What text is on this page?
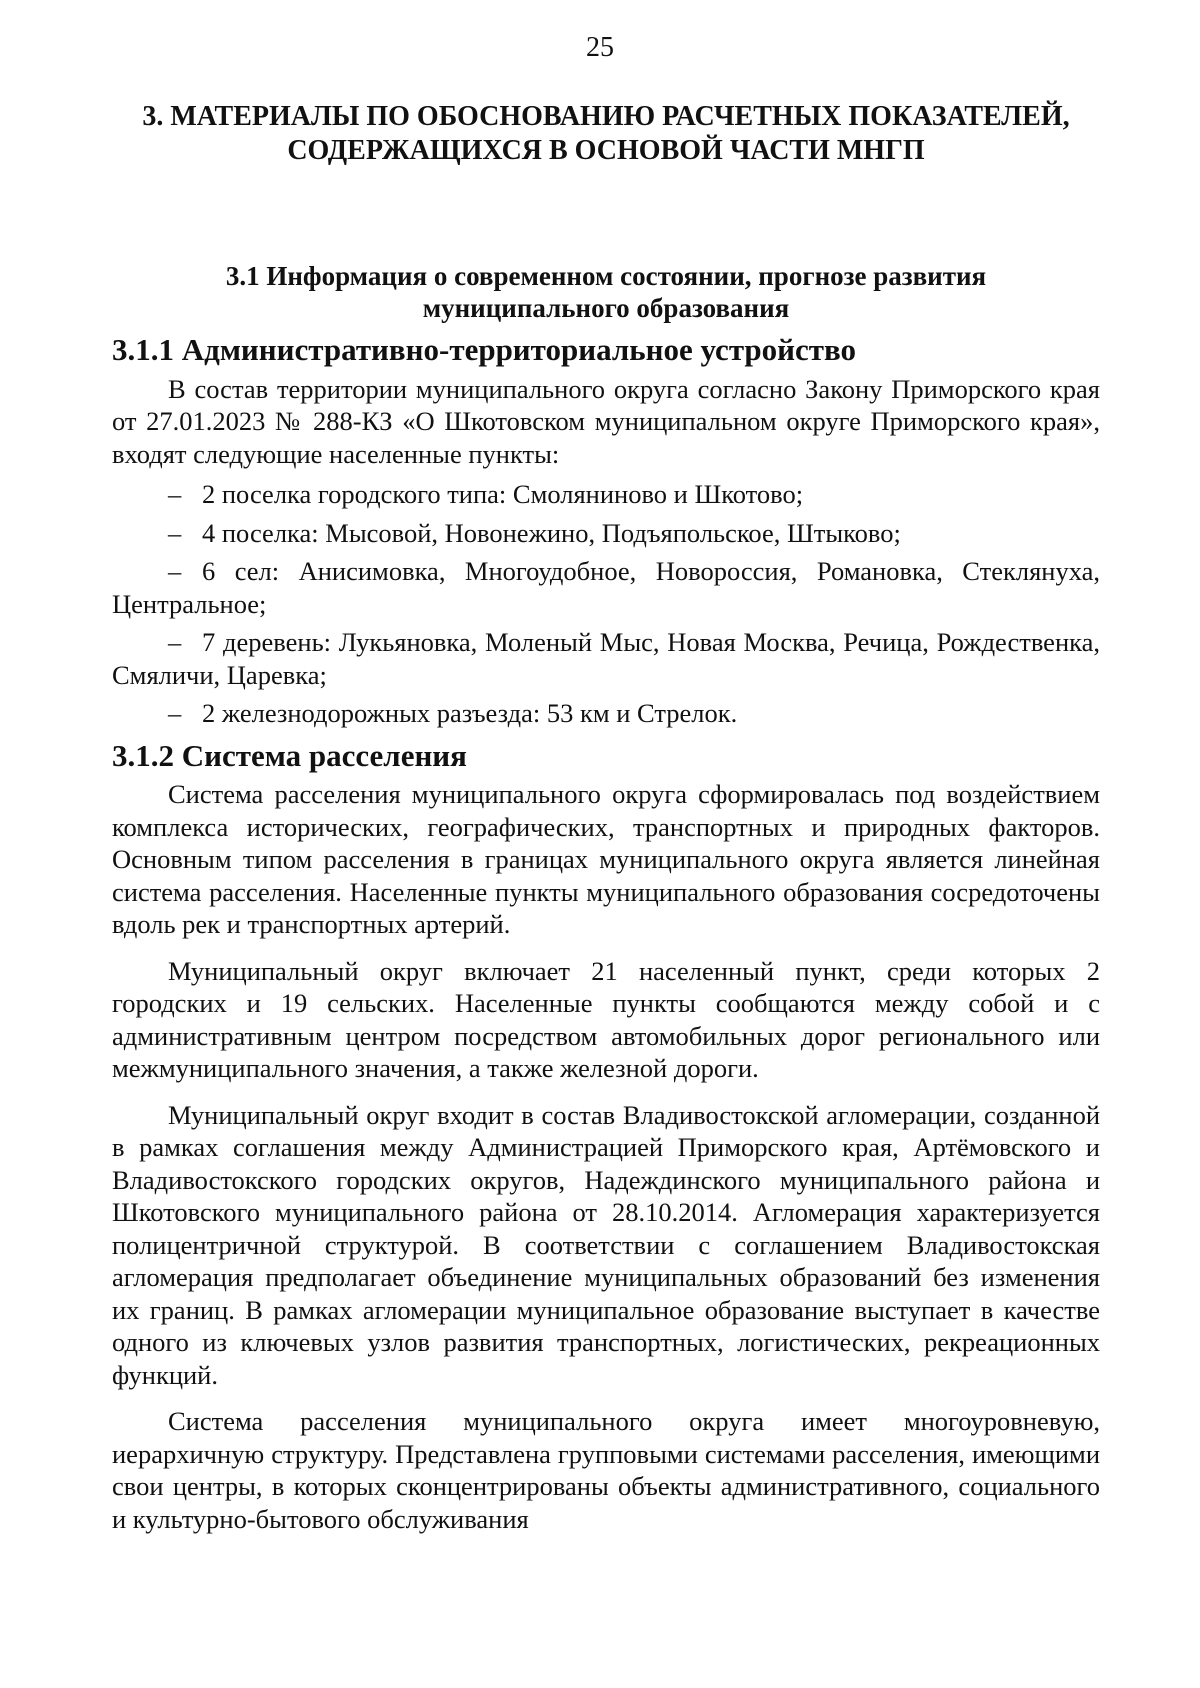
25
3. МАТЕРИАЛЫ ПО ОБОСНОВАНИЮ РАСЧЕТНЫХ ПОКАЗАТЕЛЕЙ,
СОДЕРЖАЩИХСЯ В ОСНОВОЙ ЧАСТИ МНГП
3.1 Информация о современном состоянии, прогнозе развития
муниципального образования
3.1.1 Административно-территориальное устройство

В состав территории муниципального округа согласно Закону Приморского края от 27.01.2023 № 288-КЗ «О Шкотовском муниципальном округе Приморского края», входят следующие населенные пункты:

– 2 поселка городского типа: Смоляниново и Шкотово;

– 4 поселка: Мысовой, Новонежино, Подъяпольское, Штыково;

– 6 сел: Анисимовка, Многоудобное, Новороссия, Романовка, Стеклянуха, Центральное;

– 7 деревень: Лукьяновка, Моленый Мыс, Новая Москва, Речица, Рождественка, Смяличи, Царевка;

– 2 железнодорожных разъезда: 53 км и Стрелок.

3.1.2 Система расселения

Система расселения муниципального округа сформировалась под воздействием комплекса исторических, географических, транспортных и природных факторов. Основным типом расселения в границах муниципального округа является линейная система расселения. Населенные пункты муниципального образования сосредоточены вдоль рек и транспортных артерий.

Муниципальный округ включает 21 населенный пункт, среди которых 2 городских и 19 сельских. Населенные пункты сообщаются между собой и с административным центром посредством автомобильных дорог регионального или межмуниципального значения, а также железной дороги.

Муниципальный округ входит в состав Владивостокской агломерации, созданной в рамках соглашения между Администрацией Приморского края, Артёмовского и Владивостокского городских округов, Надеждинского муниципального района и Шкотовского муниципального района от 28.10.2014. Агломерация характеризуется полицентричной структурой. В соответствии с соглашением Владивостокская агломерация предполагает объединение муниципальных образований без изменения их границ. В рамках агломерации муниципальное образование выступает в качестве одного из ключевых узлов развития транспортных, логистических, рекреационных функций.

Система расселения муниципального округа имеет многоуровневую, иерархичную структуру. Представлена групповыми системами расселения, имеющими свои центры, в которых сконцентрированы объекты административного, социального и культурно-бытового обслуживания
